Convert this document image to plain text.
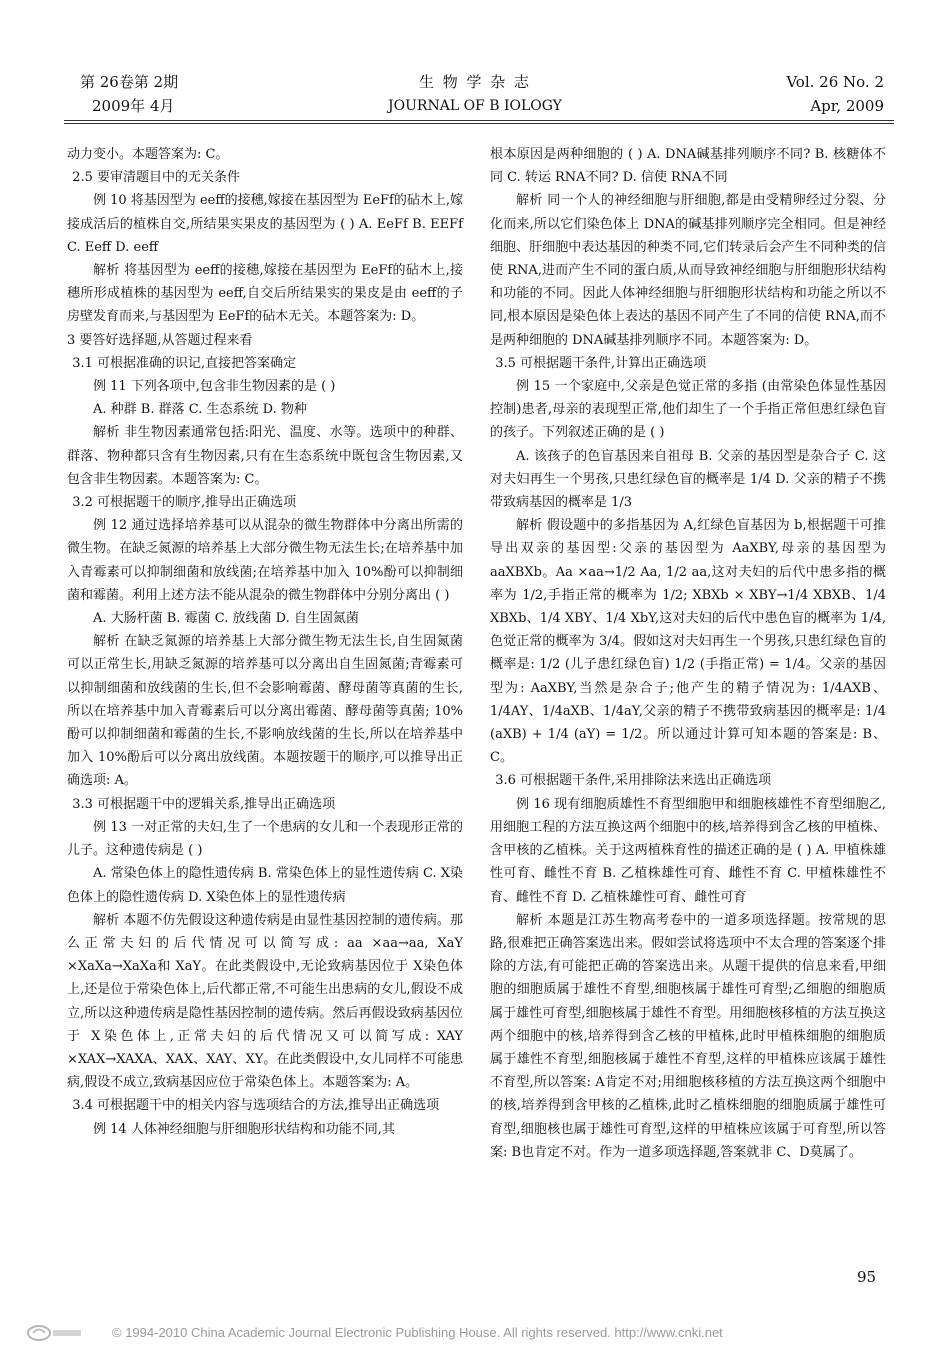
第 26卷第 2期
2009年 4月
生 物 学 杂 志
JOURNAL OF B IOLOGY
Vol. 26 No. 2
Apr, 2009

动力变小。本题答案为: C。

2.5 要审清题目中的无关条件

例 10 将基因型为 eeff的接穗,嫁接在基因型为 EeFf的砧木上,嫁接成活后的植株自交,所结果实果皮的基因型为 ( ) A. EeFf B. EEFf C. Eeff D. eeff

解析 将基因型为 eeff的接穗,嫁接在基因型为 EeFf的砧木上,接穗所形成植株的基因型为 eeff,自交后所结果实的果皮是由 eeff的子房壁发育而来,与基因型为 EeFf的砧木无关。本题答案为: D。

3 要答好选择题,从答题过程来看

3.1 可根据准确的识记,直接把答案确定

例 11 下列各项中,包含非生物因素的是 ( )

A. 种群 B. 群落 C. 生态系统 D. 物种

解析 非生物因素通常包括:阳光、温度、水等。选项中的种群、群落、物种都只含有生物因素,只有在生态系统中既包含生物因素,又包含非生物因素。本题答案为: C。

3.2 可根据题干的顺序,推导出正确选项

例 12 通过选择培养基可以从混杂的微生物群体中分离出所需的微生物。在缺乏氮源的培养基上大部分微生物无法生长;在培养基中加入青霉素可以抑制细菌和放线菌;在培养基中加入 10%酚可以抑制细菌和霉菌。利用上述方法不能从混杂的微生物群体中分别分离出 ( )

A. 大肠杆菌 B. 霉菌 C. 放线菌 D. 自生固氮菌

解析 在缺乏氮源的培养基上大部分微生物无法生长,自生固氮菌可以正常生长,用缺乏氮源的培养基可以分离出自生固氮菌;青霉素可以抑制细菌和放线菌的生长,但不会影响霉菌、酵母菌等真菌的生长,所以在培养基中加入青霉素后可以分离出霉菌、酵母菌等真菌; 10%酚可以抑制细菌和霉菌的生长,不影响放线菌的生长,所以在培养基中加入 10%酚后可以分离出放线菌。本题按题干的顺序,可以推导出正确选项: A。

3.3 可根据题干中的逻辑关系,推导出正确选项

例 13 一对正常的夫妇,生了一个患病的女儿和一个表现形正常的儿子。这种遗传病是 ( )

A. 常染色体上的隐性遗传病 B. 常染色体上的显性遗传病 C. X染色体上的隐性遗传病 D. X染色体上的显性遗传病

解析 本题不仿先假设这种遗传病是由显性基因控制的遗传病。那么正常夫妇的后代情况可以简写成: aa ×aa→aa, XaY ×XaXa→XaXa和 XaY。在此类假设中,无论致病基因位于 X染色体上,还是位于常染色体上,后代都正常,不可能生出患病的女儿,假设不成立,所以这种遗传病是隐性基因控制的遗传病。然后再假设致病基因位于 X染色体上,正常夫妇的后代情况又可以简写成: XAY ×XAX→XAXA、XAX、XAY、XY。在此类假设中,女儿同样不可能患病,假设不成立,致病基因应位于常染色体上。本题答案为: A。

3.4 可根据题干中的相关内容与选项结合的方法,推导出正确选项

例 14 人体神经细胞与肝细胞形状结构和功能不同,其

根本原因是两种细胞的 ( ) A. DNA碱基排列顺序不同? B. 核糖体不同 C. 转运 RNA不同? D. 信使 RNA不同

解析 同一个人的神经细胞与肝细胞,都是由受精卵经过分裂、分化而来,所以它们染色体上 DNA的碱基排列顺序完全相同。但是神经细胞、肝细胞中表达基因的种类不同,它们转录后会产生不同种类的信使 RNA,进而产生不同的蛋白质,从而导致神经细胞与肝细胞形状结构和功能的不同。因此人体神经细胞与肝细胞形状结构和功能之所以不同,根本原因是染色体上表达的基因不同产生了不同的信使 RNA,而不是两种细胞的 DNA碱基排列顺序不同。本题答案为: D。

3.5 可根据题干条件,计算出正确选项

例 15 一个家庭中,父亲是色觉正常的多指 (由常染色体显性基因控制)患者,母亲的表现型正常,他们却生了一个手指正常但患红绿色盲的孩子。下列叙述正确的是 ( )

A. 该孩子的色盲基因来自祖母 B. 父亲的基因型是杂合子 C. 这对夫妇再生一个男孩,只患红绿色盲的概率是 1/4 D. 父亲的精子不携带致病基因的概率是 1/3

解析 假设题中的多指基因为 A,红绿色盲基因为 b,根据题干可推导出双亲的基因型:父亲的基因型为 AaXBY,母亲的基因型为 aaXBXb。Aa ×aa→1/2 Aa, 1/2 aa,这对夫妇的后代中患多指的概率为 1/2,手指正常的概率为 1/2; XBXb × XBY→1/4 XBXB、1/4 XBXb、1/4 XBY、1/4 XbY,这对夫妇的后代中患色盲的概率为 1/4,色觉正常的概率为 3/4。假如这对夫妇再生一个男孩,只患红绿色盲的概率是: 1/2 (儿子患红绿色盲) 1/2 (手指正常) = 1/4。父亲的基因型为: AaXBY,当然是杂合子;他产生的精子情况为: 1/4AXB、1/4AY、1/4aXB、1/4aY,父亲的精子不携带致病基因的概率是: 1/4 (aXB) + 1/4 (aY) = 1/2。所以通过计算可知本题的答案是: B、C。

3.6 可根据题干条件,采用排除法来选出正确选项

例 16 现有细胞质雄性不育型细胞甲和细胞核雄性不育型细胞乙,用细胞工程的方法互换这两个细胞中的核,培养得到含乙核的甲植株、含甲核的乙植株。关于这两植株育性的描述正确的是 ( ) A. 甲植株雄性可育、雌性不育 B. 乙植株雄性可育、雌性不育 C. 甲植株雄性不育、雌性不育 D. 乙植株雄性可育、雌性可育

解析 本题是江苏生物高考卷中的一道多项选择题。按常规的思路,很难把正确答案选出来。假如尝试将选项中不太合理的答案逐个排除的方法,有可能把正确的答案选出来。从题干提供的信息来看,甲细胞的细胞质属于雄性不育型,细胞核属于雄性可育型;乙细胞的细胞质属于雄性可育型,细胞核属于雄性不育型。用细胞核移植的方法互换这两个细胞中的核,培养得到含乙核的甲植株,此时甲植株细胞的细胞质属于雄性不育型,细胞核属于雄性不育型,这样的甲植株应该属于雄性不育型,所以答案: A肯定不对;用细胞核移植的方法互换这两个细胞中的核,培养得到含甲核的乙植株,此时乙植株细胞的细胞质属于雄性可育型,细胞核也属于雄性可育型,这样的甲植株应该属于可育型,所以答案: B也肯定不对。作为一道多项选择题,答案就非 C、D莫属了。

95
© 1994-2010 China Academic Journal Electronic Publishing House. All rights reserved. http://www.cnki.net
